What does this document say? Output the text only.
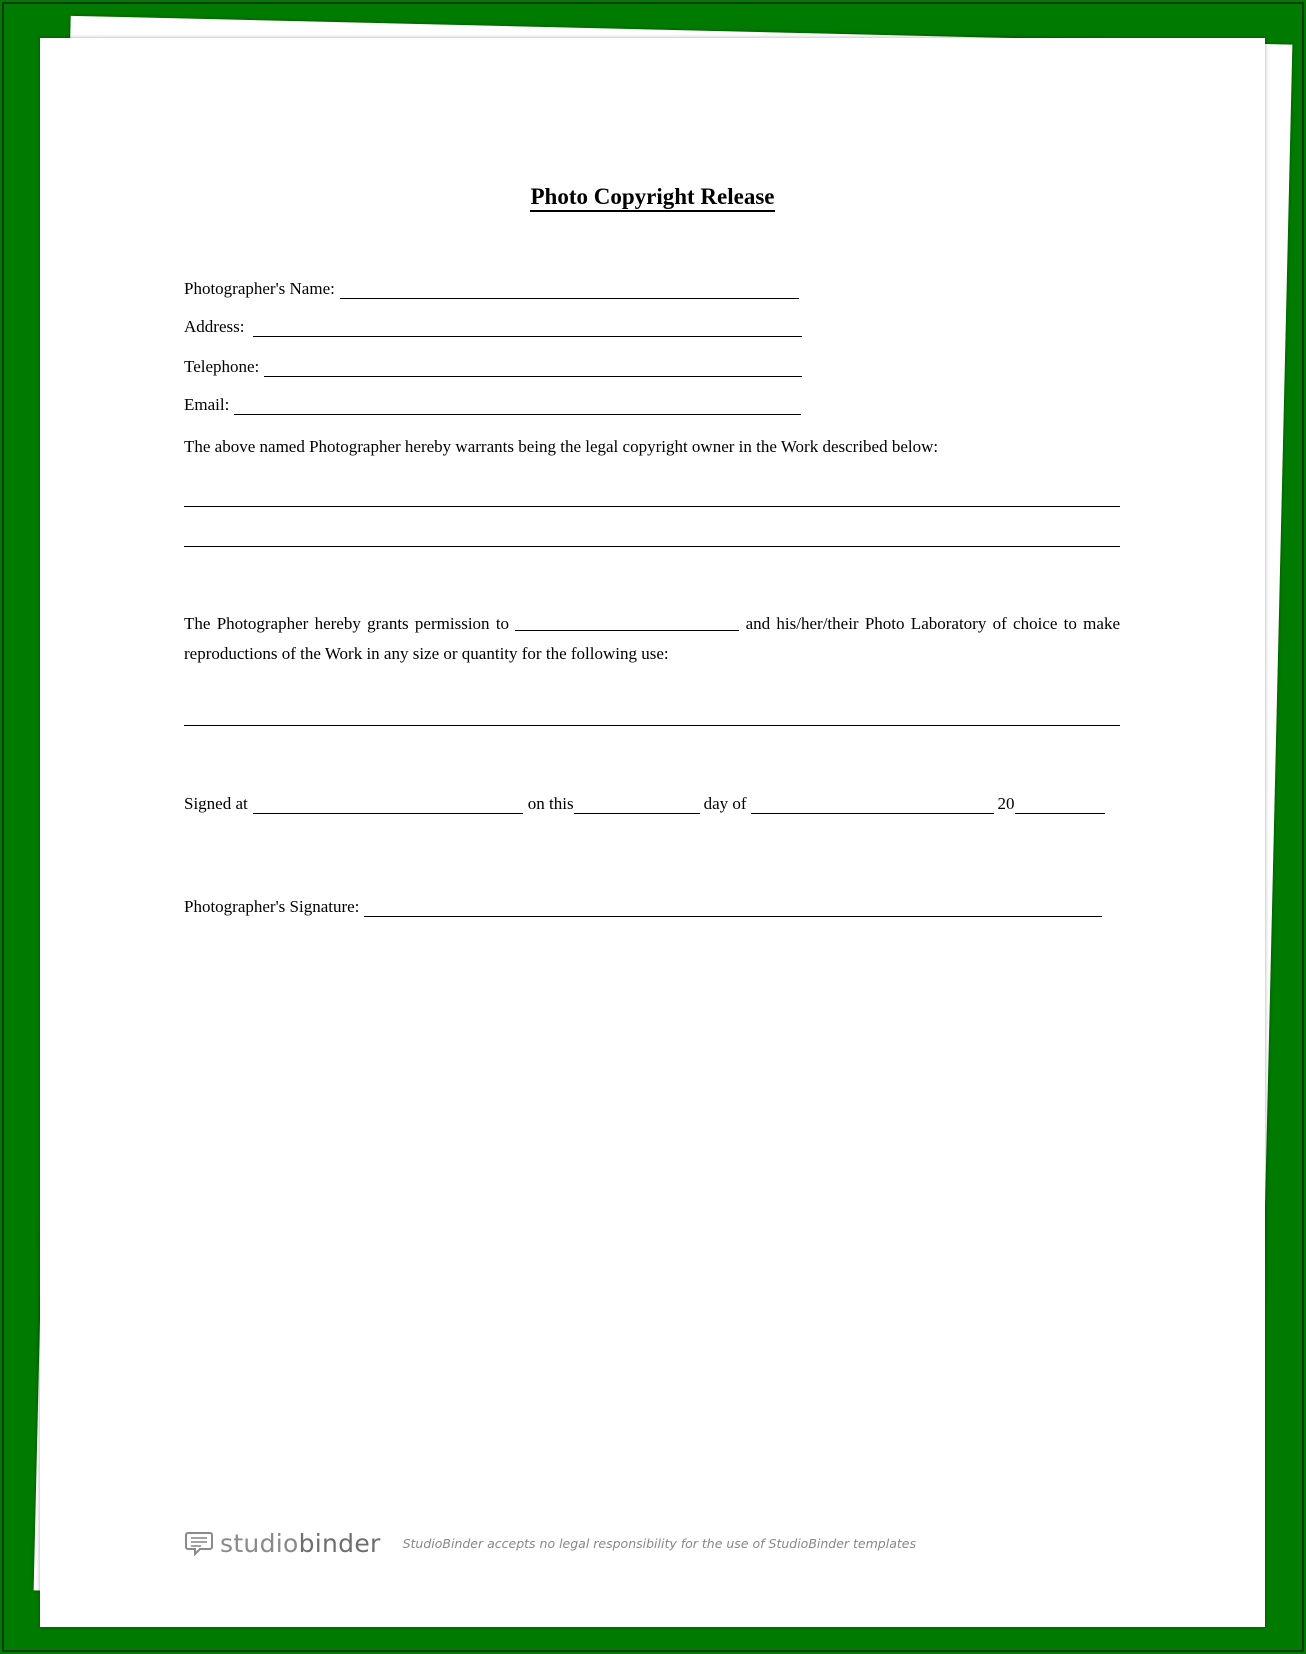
Photo Copyright Release
Photographer's Name:
Address:
Telephone:
Email:
The above named Photographer hereby warrants being the legal copyright owner in the Work described below:
The Photographer hereby grants permission to	and his/her/their Photo Laboratory of choice to make reproductions of the Work in any size or quantity for the following use:
Signed at	on this	day of	20
Photographer's Signature:
studiobinder StudioBinder accepts no legal responsibility for the use of StudioBinder templates
